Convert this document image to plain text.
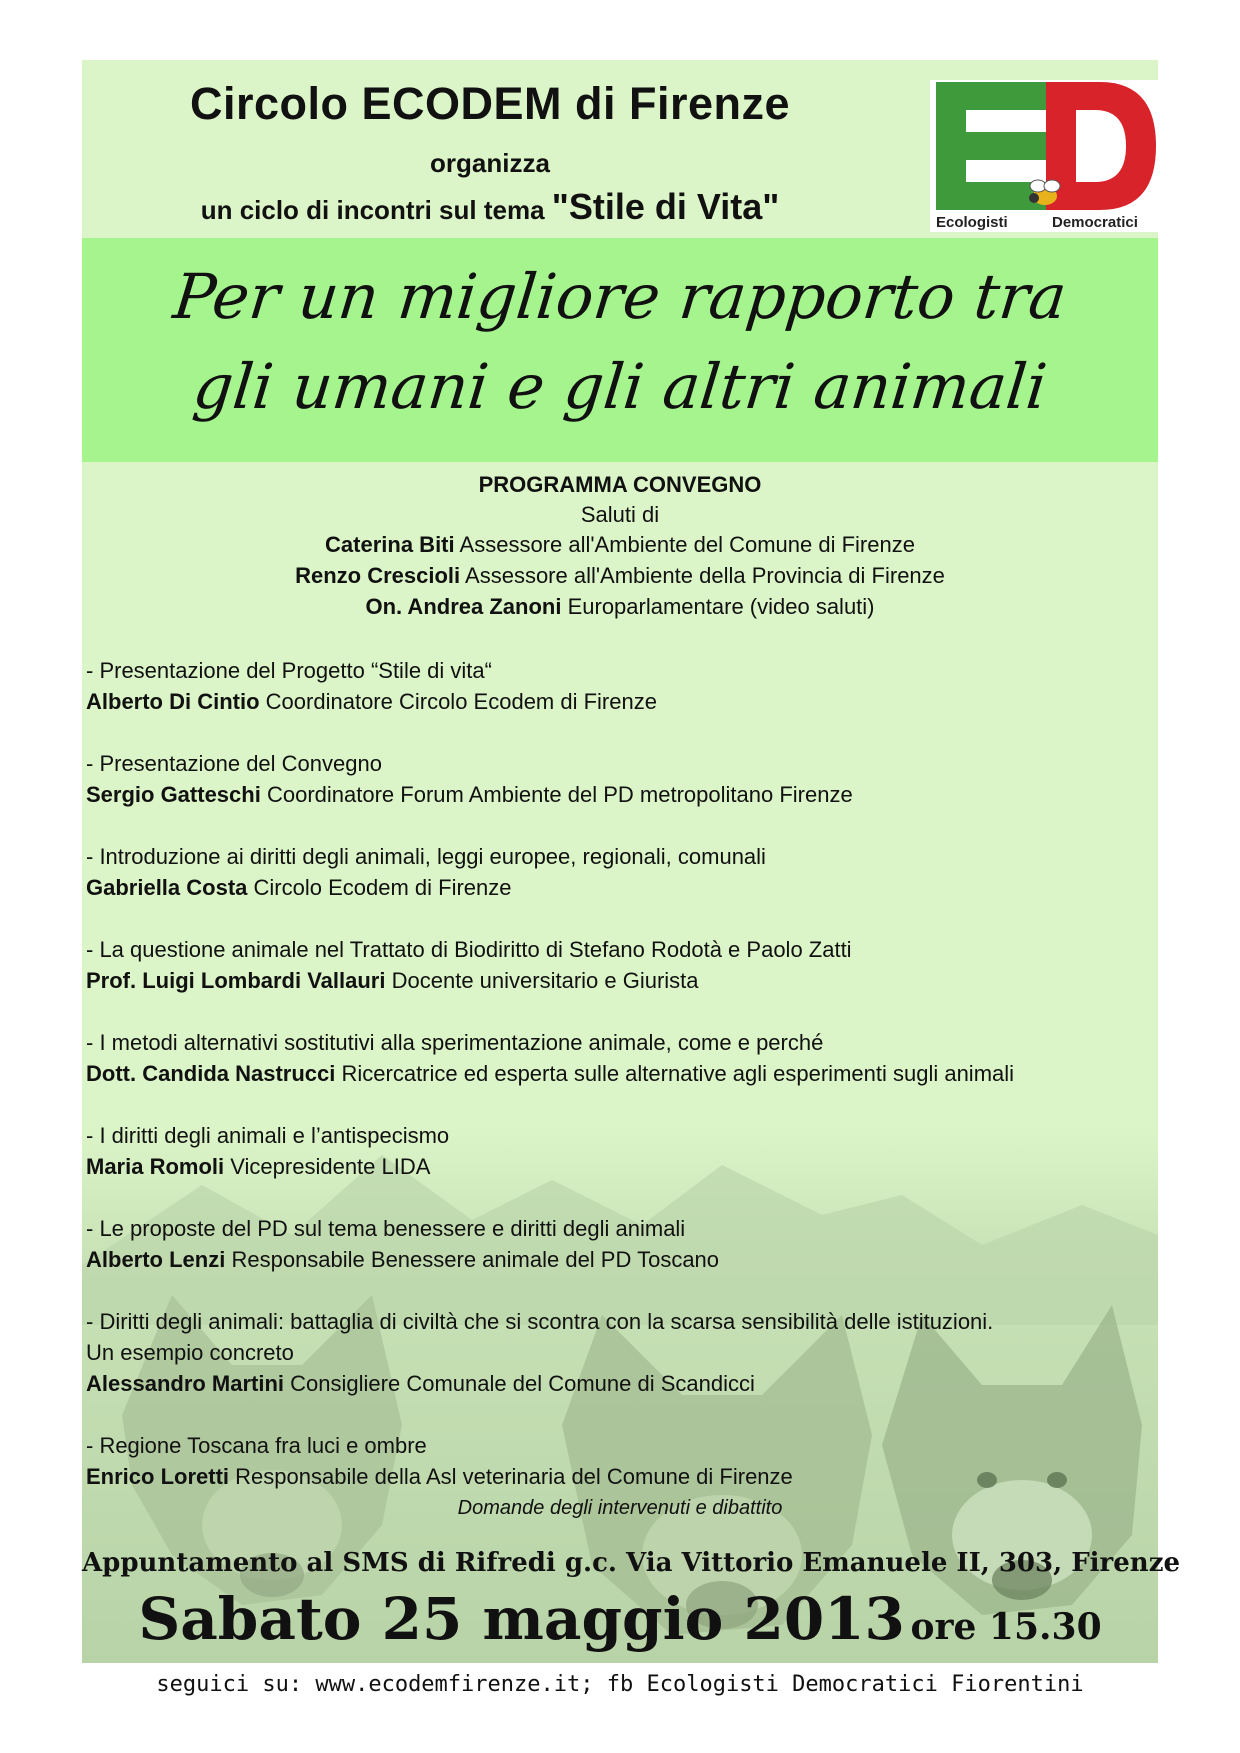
Circolo ECODEM di Firenze
organizza
un ciclo di incontri sul tema "Stile di Vita"	Ecologisti	Democratici
Per un migliore rapporto tra
gli umani e gli altri animali
PROGRAMMA CONVEGNO
Saluti di
Caterina Biti Assessore all'Ambiente del Comune di Firenze
Renzo Crescioli Assessore all'Ambiente della Provincia di Firenze
On. Andrea Zanoni Europarlamentare (video saluti)
- Presentazione del Progetto “Stile di vita“
Alberto Di Cintio Coordinatore Circolo Ecodem di Firenze
- Presentazione del Convegno
Sergio Gatteschi Coordinatore Forum Ambiente del PD metropolitano Firenze
- Introduzione ai diritti degli animali, leggi europee, regionali, comunali
Gabriella Costa Circolo Ecodem di Firenze
- La questione animale nel Trattato di Biodiritto di Stefano Rodotà e Paolo Zatti
Prof. Luigi Lombardi Vallauri Docente universitario e Giurista
- I metodi alternativi sostitutivi alla sperimentazione animale, come e perché
Dott. Candida Nastrucci Ricercatrice ed esperta sulle alternative agli esperimenti sugli animali
- I diritti degli animali e l’antispecismo
Maria Romoli Vicepresidente LIDA
- Le proposte del PD sul tema benessere e diritti degli animali
Alberto Lenzi Responsabile Benessere animale del PD Toscano
- Diritti degli animali: battaglia di civiltà che si scontra con la scarsa sensibilità delle istituzioni.
Un esempio concreto
Alessandro Martini Consigliere Comunale del Comune di Scandicci
- Regione Toscana fra luci e ombre
Enrico Loretti Responsabile della Asl veterinaria del Comune di Firenze
Domande degli intervenuti e dibattito
Appuntamento al SMS di Rifredi g.c. Via Vittorio Emanuele II, 303, Firenze
Sabato 25 maggio 2013 ore 15.30
seguici su: www.ecodemfirenze.it; fb Ecologisti Democratici Fiorentini
